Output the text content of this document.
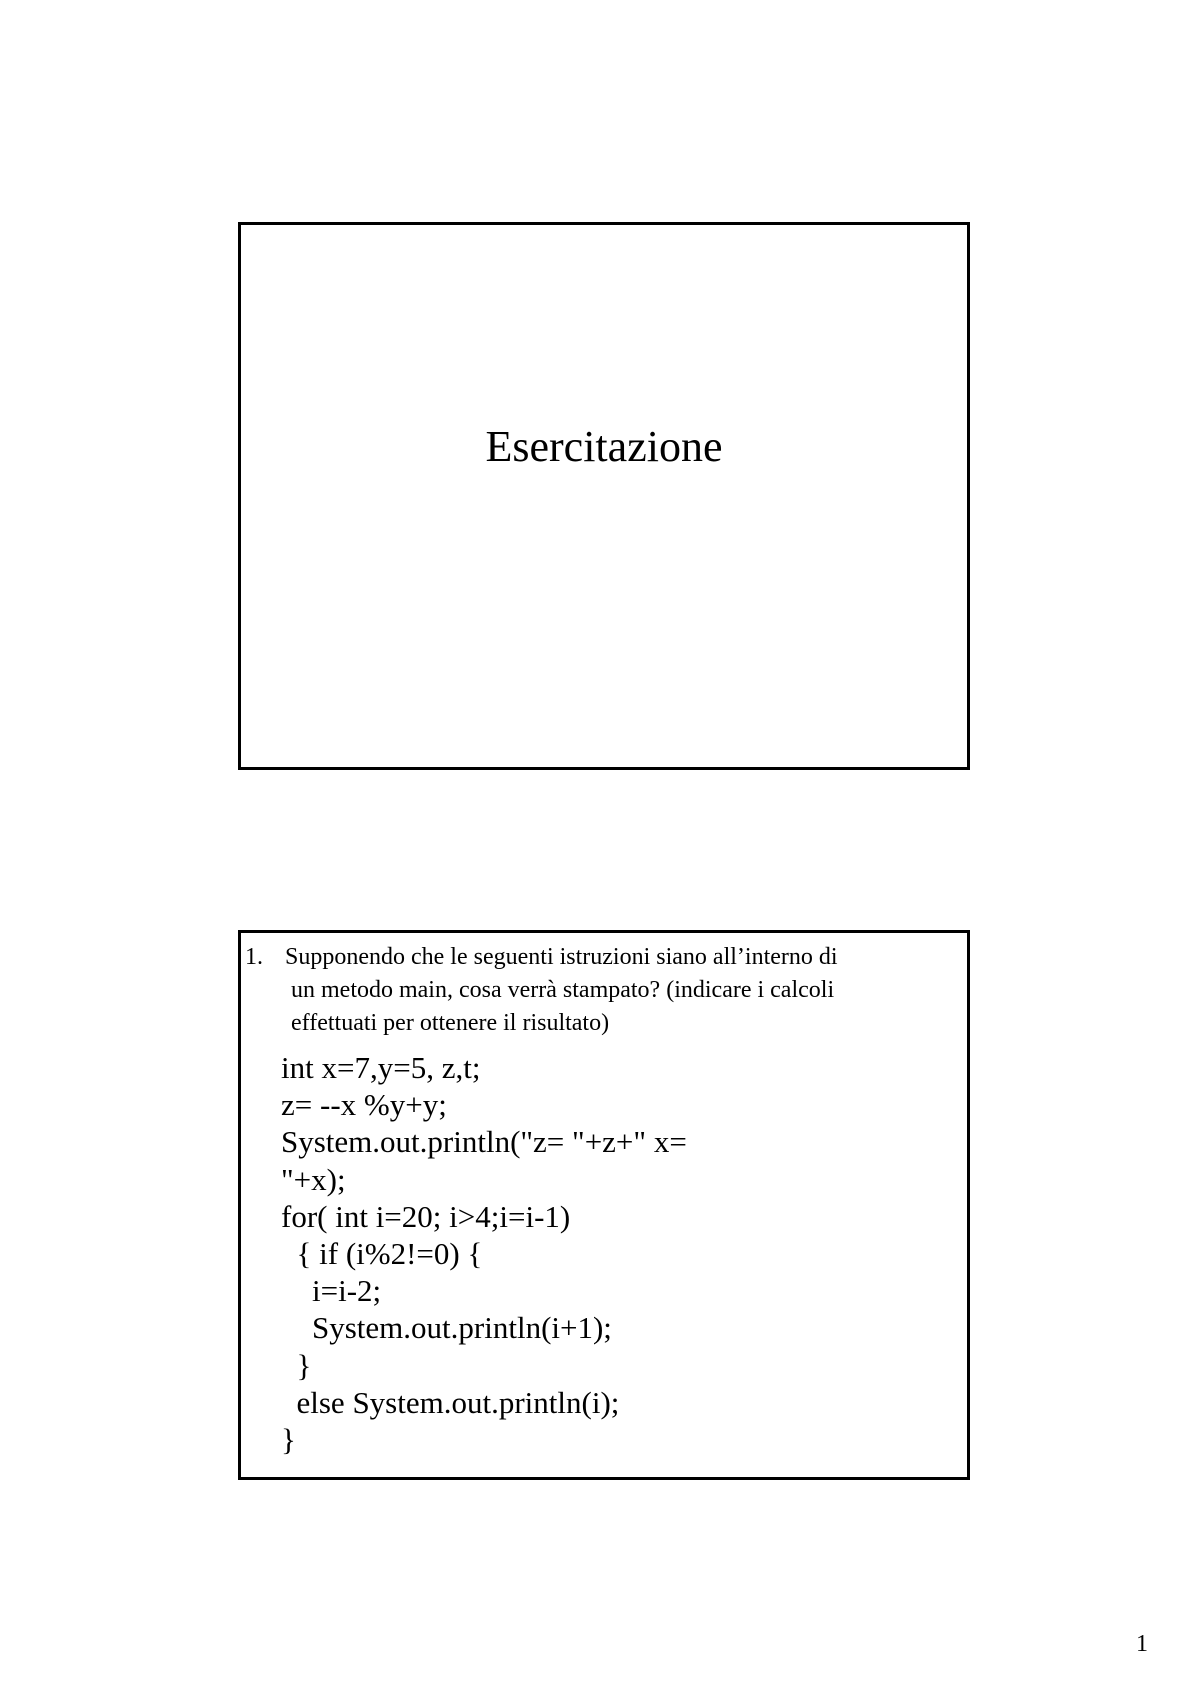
Esercitazione
1. Supponendo che le seguenti istruzioni siano all’interno di
un metodo main, cosa verrà stampato? (indicare i calcoli
effettuati per ottenere il risultato)
int x=7,y=5, z,t;
z= --x %y+y;
System.out.println("z= "+z+" x=
"+x);
for( int i=20; i>4;i=i-1)
{ if (i%2!=0) {
i=i-2;
System.out.println(i+1);
}
else System.out.println(i);
}
1
